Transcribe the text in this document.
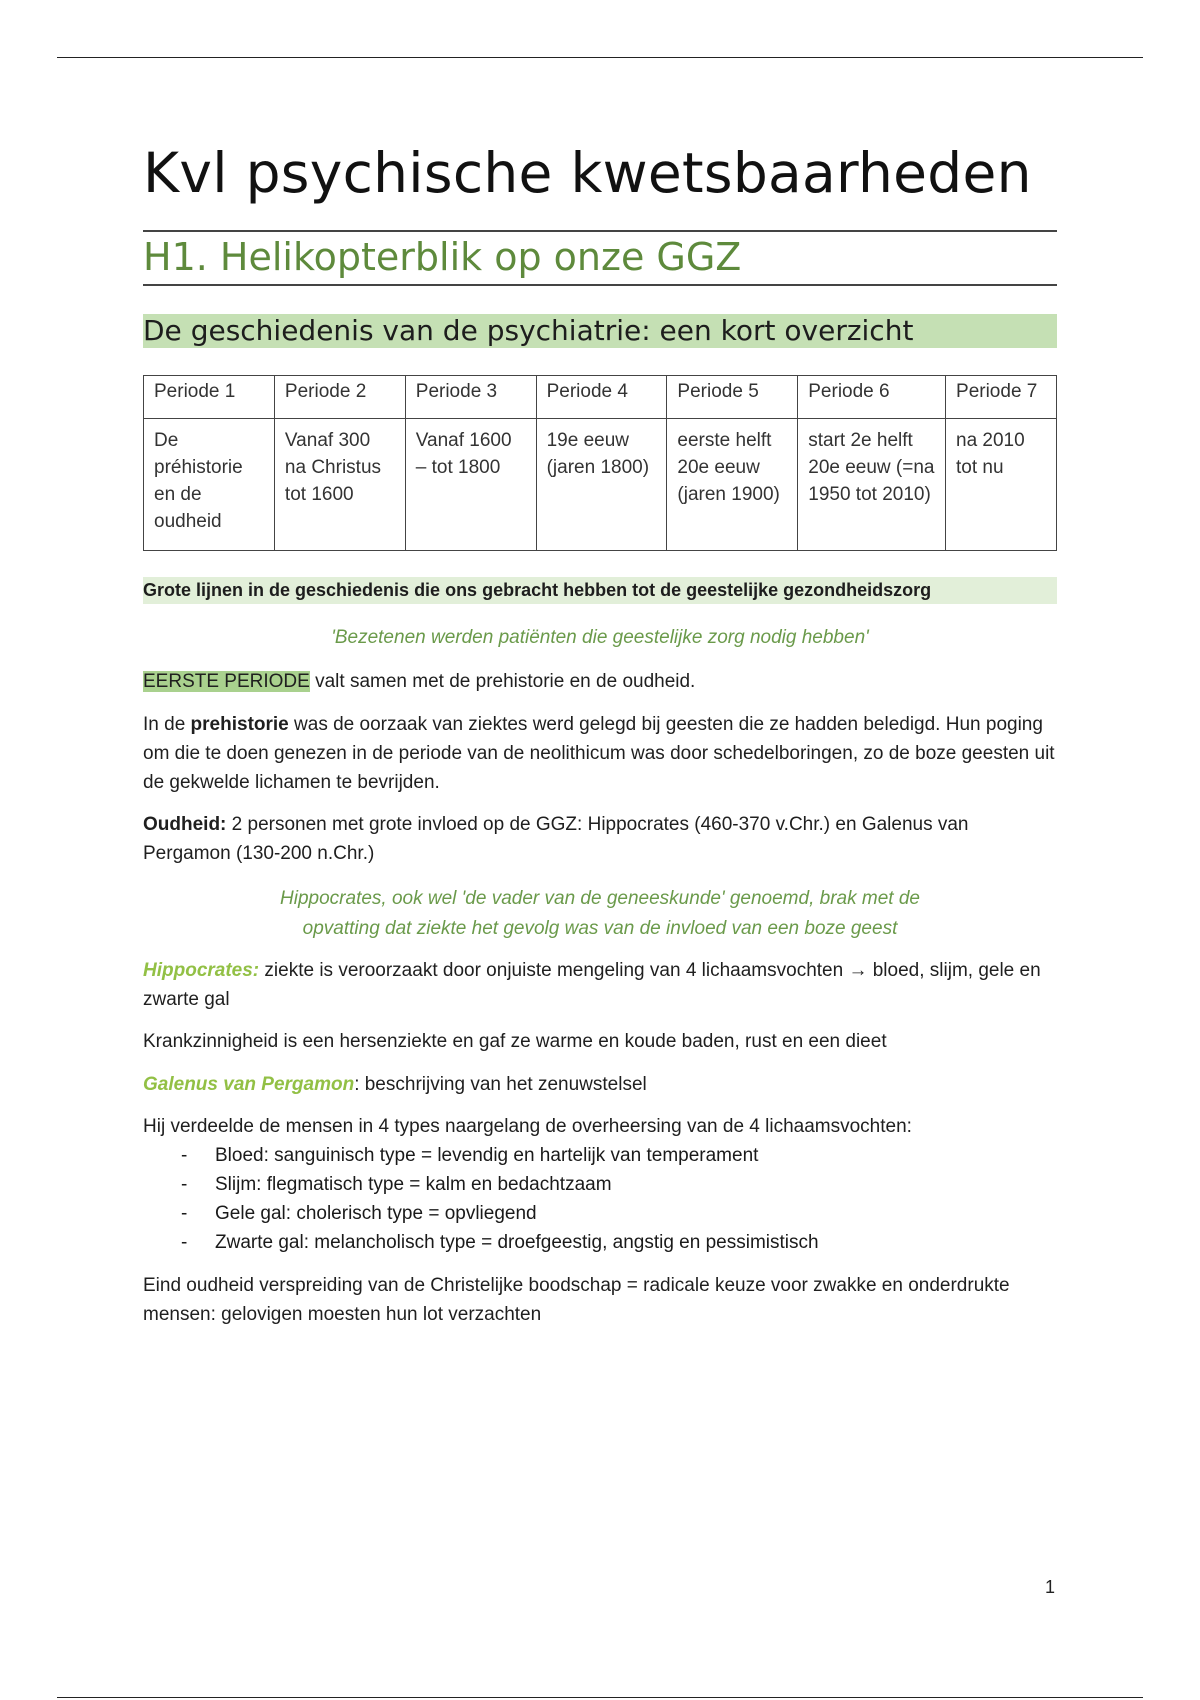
Kvl psychische kwetsbaarheden
H1. Helikopterblik op onze GGZ
De geschiedenis van de psychiatrie: een kort overzicht
Periode 1	Periode 2	Periode 3	Periode 4	Periode 5	Periode 6	Periode 7
De préhistorie en de oudheid	Vanaf 300 na Christus tot 1600	Vanaf 1600 – tot 1800	19e eeuw (jaren 1800)	eerste helft 20e eeuw (jaren 1900)	start 2e helft 20e eeuw (=na 1950 tot 2010)	na 2010 tot nu
Grote lijnen in de geschiedenis die ons gebracht hebben tot de geestelijke gezondheidszorg
'Bezetenen werden patiënten die geestelijke zorg nodig hebben'

EERSTE PERIODE valt samen met de prehistorie en de oudheid.

In de prehistorie was de oorzaak van ziektes werd gelegd bij geesten die ze hadden beledigd. Hun poging om die te doen genezen in de periode van de neolithicum was door schedelboringen, zo de boze geesten uit de gekwelde lichamen te bevrijden.

Oudheid: 2 personen met grote invloed op de GGZ: Hippocrates (460-370 v.Chr.) en Galenus van Pergamon (130-200 n.Chr.)

Hippocrates, ook wel 'de vader van de geneeskunde' genoemd, brak met de opvatting dat ziekte het gevolg was van de invloed van een boze geest

Hippocrates: ziekte is veroorzaakt door onjuiste mengeling van 4 lichaamsvochten → bloed, slijm, gele en zwarte gal

Krankzinnigheid is een hersenziekte en gaf ze warme en koude baden, rust en een dieet

Galenus van Pergamon: beschrijving van het zenuwstelsel

Hij verdeelde de mensen in 4 types naargelang de overheersing van de 4 lichaamsvochten:

- Bloed: sanguinisch type = levendig en hartelijk van temperament
- Slijm: flegmatisch type = kalm en bedachtzaam
- Gele gal: cholerisch type = opvliegend
- Zwarte gal: melancholisch type = droefgeestig, angstig en pessimistisch

Eind oudheid verspreiding van de Christelijke boodschap = radicale keuze voor zwakke en onderdrukte mensen: gelovigen moesten hun lot verzachten

1
